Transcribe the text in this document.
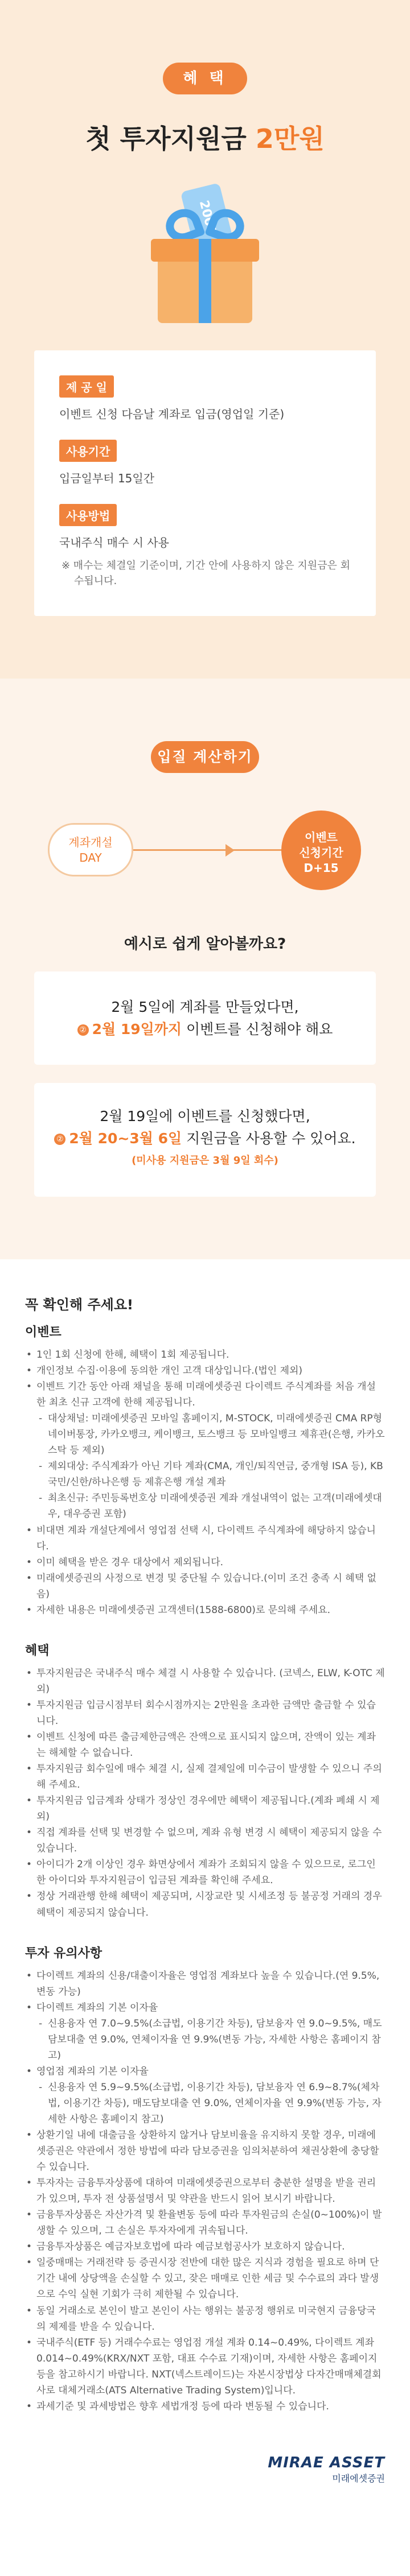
혜 택
첫 투자지원금 2만원
2000
제 공 일
이벤트 신청 다음날 계좌로 입금(영업일 기준)
사용기간
입금일부터 15일간
사용방법
국내주식 매수 시 사용
※ 매수는 체결일 기준이며, 기간 안에 사용하지 않은 지원금은 회수됩니다.
입질 계산하기
계좌개설
DAY
이벤트
신청기간
D+15
예시로 쉽게 알아볼까요?
2월 5일에 계좌를 만들었다면,
② 2월 19일까지 이벤트를 신청해야 해요
2월 19일에 이벤트를 신청했다면,
② 2월 20~3월 6일 지원금을 사용할 수 있어요.
(미사용 지원금은 3월 9일 회수)
꼭 확인해 주세요!
이벤트
• 1인 1회 신청에 한해, 혜택이 1회 제공됩니다.
• 개인정보 수집·이용에 동의한 개인 고객 대상입니다.(법인 제외)
• 이벤트 기간 동안 아래 채널을 통해 미래에셋증권 다이렉트 주식계좌를 처음 개설한 최초 신규 고객에 한해 제공됩니다.
- 대상채널: 미래에셋증권 모바일 홈페이지, M-STOCK, 미래에셋증권 CMA RP형 네이버통장, 카카오뱅크, 케이뱅크, 토스뱅크 등 모바일뱅크 제휴관(은행, 카카오 스탁 등 제외)
- 제외대상: 주식계좌가 아닌 기타 계좌(CMA, 개인/퇴직연금, 중개형 ISA 등), KB국민/신한/하나은행 등 제휴은행 개설 계좌
- 최초신규: 주민등록번호상 미래에셋증권 계좌 개설내역이 없는 고객(미래에셋대우, 대우증권 포함)
• 비대면 계좌 개설단계에서 영업점 선택 시, 다이렉트 주식계좌에 해당하지 않습니다.
• 이미 혜택을 받은 경우 대상에서 제외됩니다.
• 미래에셋증권의 사정으로 변경 및 중단될 수 있습니다.(이미 조건 충족 시 혜택 없음)
• 자세한 내용은 미래에셋증권 고객센터(1588-6800)로 문의해 주세요.
혜택
• 투자지원금은 국내주식 매수 체결 시 사용할 수 있습니다. (코넥스, ELW, K-OTC 제외)
• 투자지원금 입금시점부터 회수시점까지는 2만원을 초과한 금액만 출금할 수 있습니다.
• 이벤트 신청에 따른 출금제한금액은 잔액으로 표시되지 않으며, 잔액이 있는 계좌는 해체할 수 없습니다.
• 투자지원금 회수일에 매수 체결 시, 실제 결제일에 미수금이 발생할 수 있으니 주의해 주세요.
• 투자지원금 입금계좌 상태가 정상인 경우에만 혜택이 제공됩니다.(계좌 폐쇄 시 제외)
• 직접 계좌를 선택 및 변경할 수 없으며, 계좌 유형 변경 시 혜택이 제공되지 않을 수 있습니다.
• 아이디가 2개 이상인 경우 화면상에서 계좌가 조회되지 않을 수 있으므로, 로그인한 아이디와 투자지원금이 입금된 계좌를 확인해 주세요.
• 정상 거래관행 한해 혜택이 제공되며, 시장교란 및 시세조정 등 불공정 거래의 경우 혜택이 제공되지 않습니다.
투자 유의사항
• 다이렉트 계좌의 신용/대출이자율은 영업점 계좌보다 높을 수 있습니다.(연 9.5%, 변동 가능)
• 다이렉트 계좌의 기본 이자율
- 신용융자 연 7.0~9.5%(소급법, 이용기간 차등), 담보융자 연 9.0~9.5%, 매도담보대출 연 9.0%, 연체이자율 연 9.9%(변동 가능, 자세한 사항은 홈페이지 참고)
• 영업점 계좌의 기본 이자율
- 신용융자 연 5.9~9.5%(소급법, 이용기간 차등), 담보융자 연 6.9~8.7%(체차법, 이용기간 차등), 매도담보대출 연 9.0%, 연체이자율 연 9.9%(변동 가능, 자세한 사항은 홈페이지 참고)
• 상환기일 내에 대출금을 상환하지 않거나 담보비율을 유지하지 못할 경우, 미래에셋증권은 약관에서 정한 방법에 따라 담보증권을 임의처분하여 채권상환에 충당할 수 있습니다.
• 투자자는 금융투자상품에 대하여 미래에셋증권으로부터 충분한 설명을 받을 권리가 있으며, 투자 전 상품설명서 및 약관을 반드시 읽어 보시기 바랍니다.
• 금융투자상품은 자산가격 및 환율변동 등에 따라 투자원금의 손실(0~100%)이 발생할 수 있으며, 그 손실은 투자자에게 귀속됩니다.
• 금융투자상품은 예금자보호법에 따라 예금보험공사가 보호하지 않습니다.
• 일중매매는 거래전략 등 증권시장 전반에 대한 많은 지식과 경험을 필요로 하며 단기간 내에 상당액을 손실할 수 있고, 잦은 매매로 인한 세금 및 수수료의 과다 발생으로 수익 실현 기회가 극히 제한될 수 있습니다.
• 동일 거래소로 본인이 발고 본인이 사는 행위는 불공정 행위로 미국현지 금융당국의 제제를 받을 수 있습니다.
• 국내주식(ETF 등) 거래수수료는 영업점 개설 계좌 0.14~0.49%, 다이렉트 계좌 0.014~0.49%(KRX/NXT 포함, 대표 수수료 기재)이며, 자세한 사항은 홈페이지 등을 참고하시기 바랍니다. NXT(넥스트레이드)는 자본시장법상 다자간매매체결회사로 대체거래소(ATS Alternative Trading System)입니다.
• 과세기준 및 과세방법은 향후 세법개정 등에 따라 변동될 수 있습니다.
MIRAE ASSET
미래에셋증권
